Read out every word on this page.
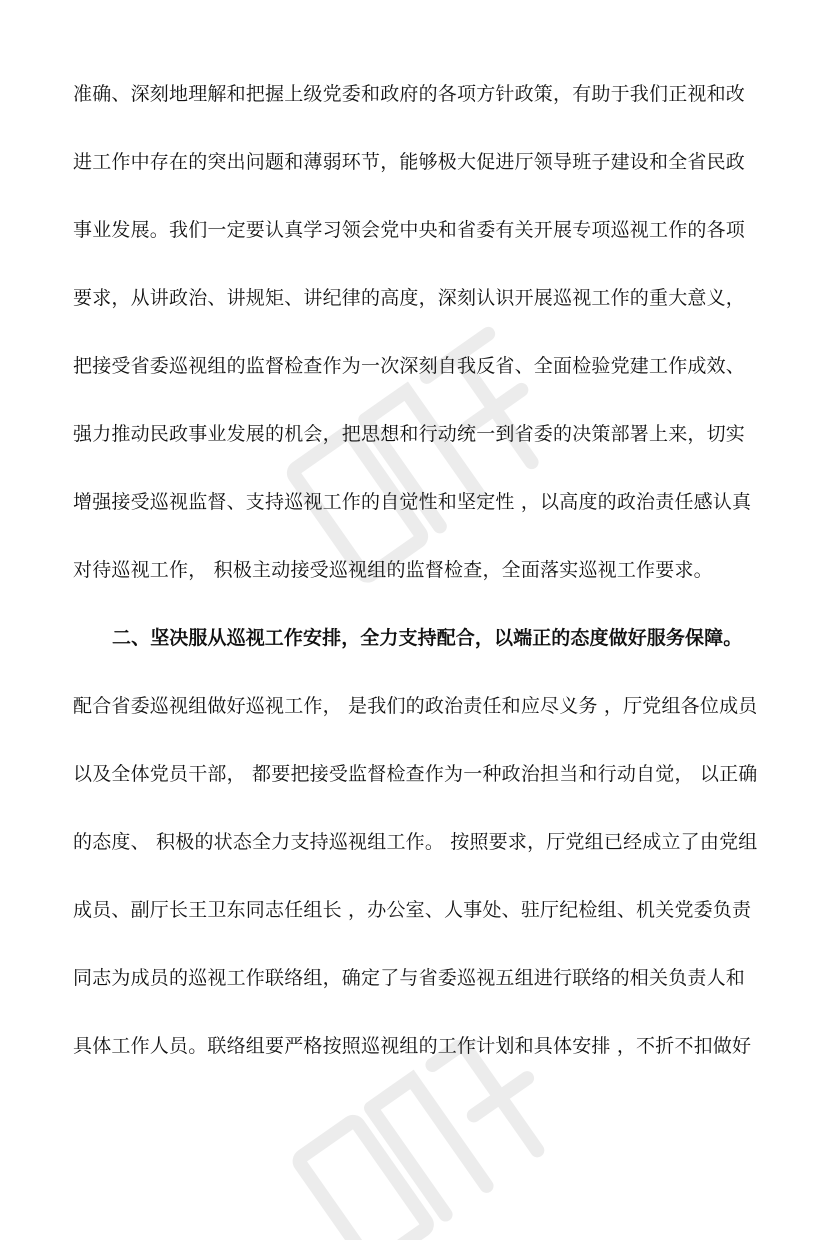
准确、深刻地理解和把握上级党委和政府的各项方针政策，有助于我们正视和改
进工作中存在的突出问题和薄弱环节，能够极大促进厅领导班子建设和全省民政
事业发展。我们一定要认真学习领会党中央和省委有关开展专项巡视工作的各项
要求，从讲政治、讲规矩、讲纪律的高度，深刻认识开展巡视工作的重大意义，
把接受省委巡视组的监督检查作为一次深刻自我反省、全面检验党建工作成效、
强力推动民政事业发展的机会，把思想和行动统一到省委的决策部署上来，切实
增强接受巡视监督、支持巡视工作的自觉性和坚定性 ，以高度的政治责任感认真
对待巡视工作， 积极主动接受巡视组的监督检查，全面落实巡视工作要求。
二、坚决服从巡视工作安排，全力支持配合，以端正的态度做好服务保障。
配合省委巡视组做好巡视工作， 是我们的政治责任和应尽义务 ，厅党组各位成员
以及全体党员干部， 都要把接受监督检查作为一种政治担当和行动自觉， 以正确
的态度、 积极的状态全力支持巡视组工作。 按照要求，厅党组已经成立了由党组
成员、副厅长王卫东同志任组长 ，办公室、人事处、驻厅纪检组、机关党委负责
同志为成员的巡视工作联络组，确定了与省委巡视五组进行联络的相关负责人和
具体工作人员。联络组要严格按照巡视组的工作计划和具体安排 ，不折不扣做好
